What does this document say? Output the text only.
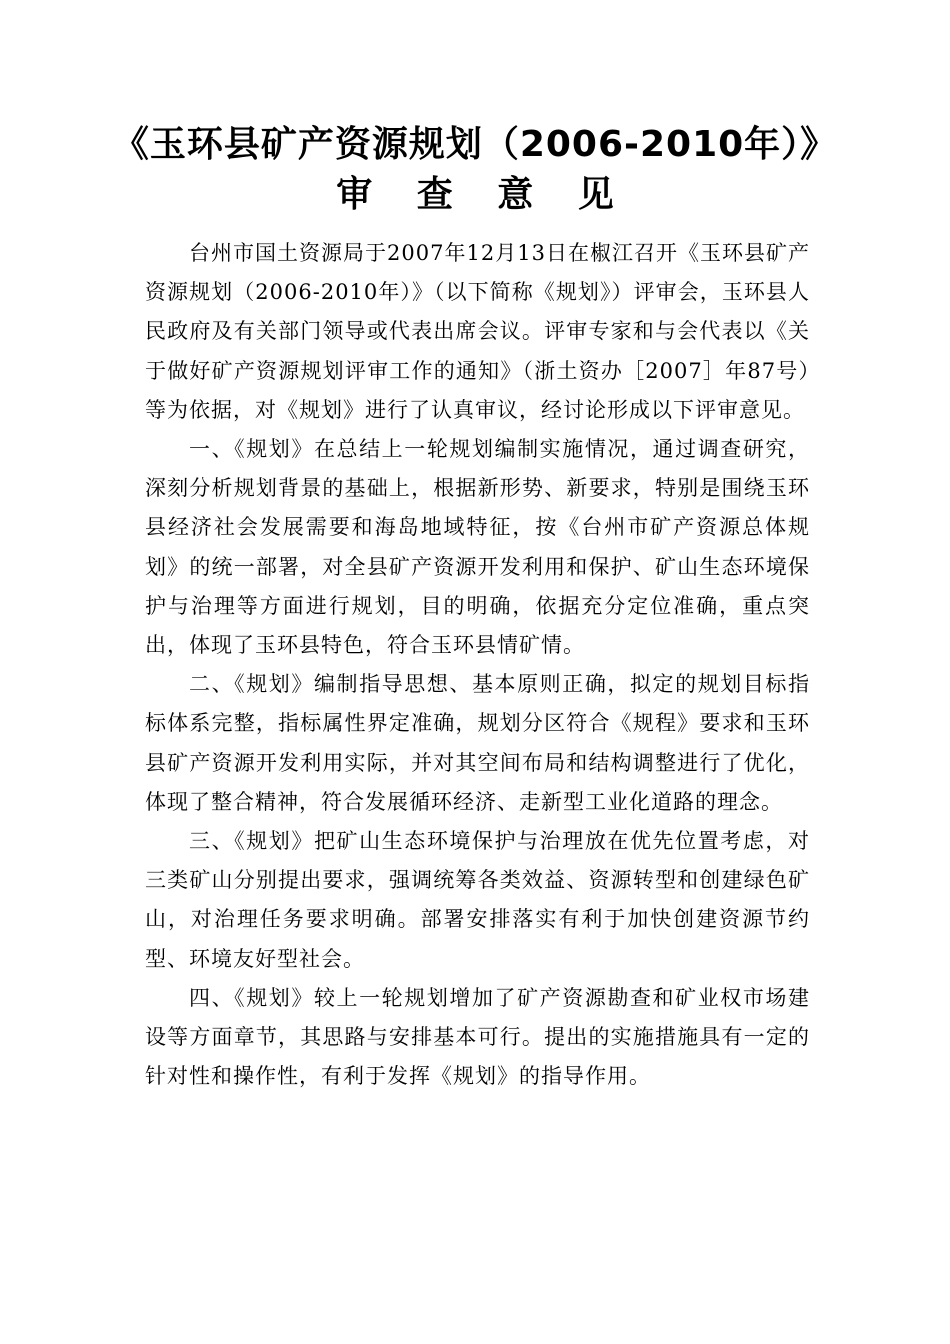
《玉环县矿产资源规划（2006-2010年）》
审 查 意 见

台州市国土资源局于2007年12月13日在椒江召开《玉环县矿产资源规划（2006-2010年）》（以下简称《规划》）评审会，玉环县人民政府及有关部门领导或代表出席会议。评审专家和与会代表以《关于做好矿产资源规划评审工作的通知》（浙土资办［2007］年87号）等为依据，对《规划》进行了认真审议，经讨论形成以下评审意见。

一、《规划》在总结上一轮规划编制实施情况，通过调查研究，深刻分析规划背景的基础上，根据新形势、新要求，特别是围绕玉环县经济社会发展需要和海岛地域特征，按《台州市矿产资源总体规划》的统一部署，对全县矿产资源开发利用和保护、矿山生态环境保护与治理等方面进行规划，目的明确，依据充分定位准确，重点突出，体现了玉环县特色，符合玉环县情矿情。

二、《规划》编制指导思想、基本原则正确，拟定的规划目标指标体系完整，指标属性界定准确，规划分区符合《规程》要求和玉环县矿产资源开发利用实际，并对其空间布局和结构调整进行了优化，体现了整合精神，符合发展循环经济、走新型工业化道路的理念。

三、《规划》把矿山生态环境保护与治理放在优先位置考虑，对三类矿山分别提出要求，强调统筹各类效益、资源转型和创建绿色矿山，对治理任务要求明确。部署安排落实有利于加快创建资源节约型、环境友好型社会。

四、《规划》较上一轮规划增加了矿产资源勘查和矿业权市场建设等方面章节，其思路与安排基本可行。提出的实施措施具有一定的针对性和操作性，有利于发挥《规划》的指导作用。
